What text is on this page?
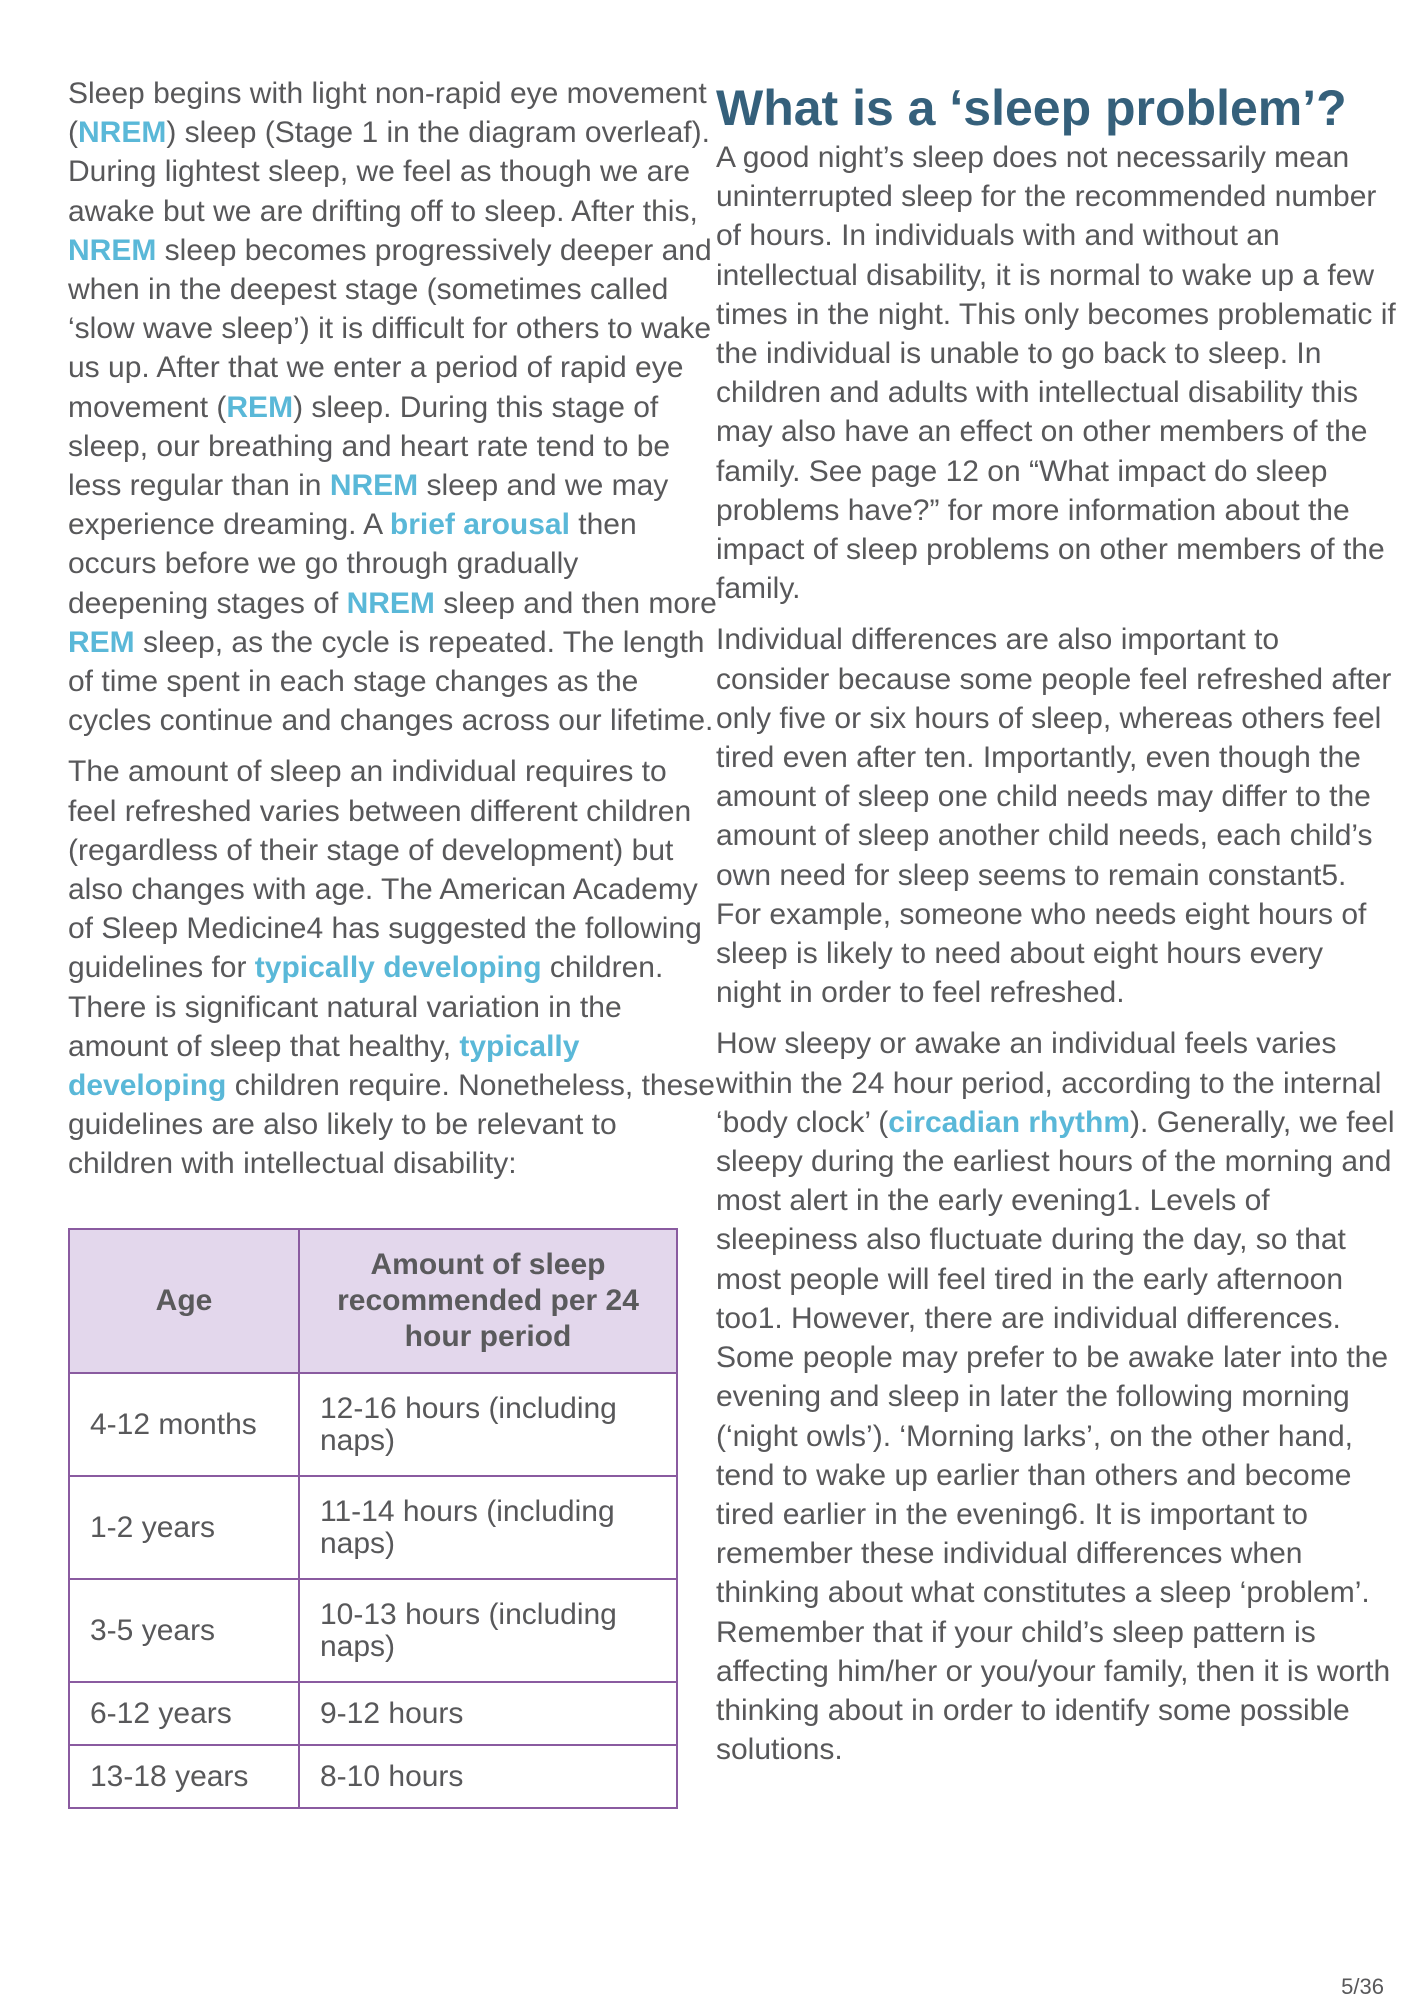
Sleep begins with light non-rapid eye movement (NREM) sleep (Stage 1 in the diagram overleaf). During lightest sleep, we feel as though we are awake but we are drifting off to sleep. After this, NREM sleep becomes progressively deeper and when in the deepest stage (sometimes called ‘slow wave sleep’) it is difficult for others to wake us up. After that we enter a period of rapid eye movement (REM) sleep. During this stage of sleep, our breathing and heart rate tend to be less regular than in NREM sleep and we may experience dreaming. A brief arousal then occurs before we go through gradually deepening stages of NREM sleep and then more REM sleep, as the cycle is repeated. The length of time spent in each stage changes as the cycles continue and changes across our lifetime.

The amount of sleep an individual requires to feel refreshed varies between different children (regardless of their stage of development) but also changes with age. The American Academy of Sleep Medicine4 has suggested the following guidelines for typically developing children. There is significant natural variation in the amount of sleep that healthy, typically developing children require. Nonetheless, these guidelines are also likely to be relevant to children with intellectual disability:

Age	Amount of sleep recommended per 24 hour period
4-12 months	12-16 hours (including naps)
1-2 years	11-14 hours (including naps)
3-5 years	10-13 hours (including naps)
6-12 years	9-12 hours
13-18 years	8-10 hours
What is a ‘sleep problem’?

A good night’s sleep does not necessarily mean uninterrupted sleep for the recommended number of hours. In individuals with and without an intellectual disability, it is normal to wake up a few times in the night. This only becomes problematic if the individual is unable to go back to sleep. In children and adults with intellectual disability this may also have an effect on other members of the family. See page 12 on “What impact do sleep problems have?” for more information about the impact of sleep problems on other members of the family.

Individual differences are also important to consider because some people feel refreshed after only five or six hours of sleep, whereas others feel tired even after ten. Importantly, even though the amount of sleep one child needs may differ to the amount of sleep another child needs, each child’s own need for sleep seems to remain constant5. For example, someone who needs eight hours of sleep is likely to need about eight hours every night in order to feel refreshed.

How sleepy or awake an individual feels varies within the 24 hour period, according to the internal ‘body clock’ (circadian rhythm). Generally, we feel sleepy during the earliest hours of the morning and most alert in the early evening1. Levels of sleepiness also fluctuate during the day, so that most people will feel tired in the early afternoon too1. However, there are individual differences. Some people may prefer to be awake later into the evening and sleep in later the following morning (‘night owls’). ‘Morning larks’, on the other hand, tend to wake up earlier than others and become tired earlier in the evening6. It is important to remember these individual differences when thinking about what constitutes a sleep ‘problem’. Remember that if your child’s sleep pattern is affecting him/her or you/your family, then it is worth thinking about in order to identify some possible solutions.

5/36
